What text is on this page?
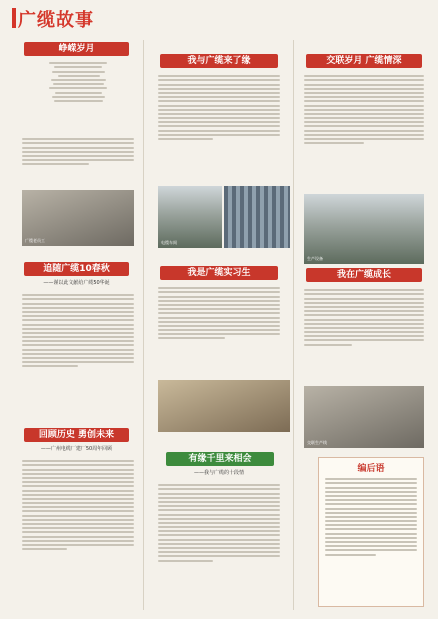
广缆故事
峥嵘岁月
广缆老员工
追随广缆10春秋
——谨以此文献给广缆50华诞
回顾历史 勇创未来
——广州电缆厂建厂50周年回顾
我与广缆来了缘
电缆车间
我是广缆实习生
有缘千里来相会
——我与广缆的十段情
交联岁月 广缆情深
生产设备
我在广缆成长
交联生产线
编后语
